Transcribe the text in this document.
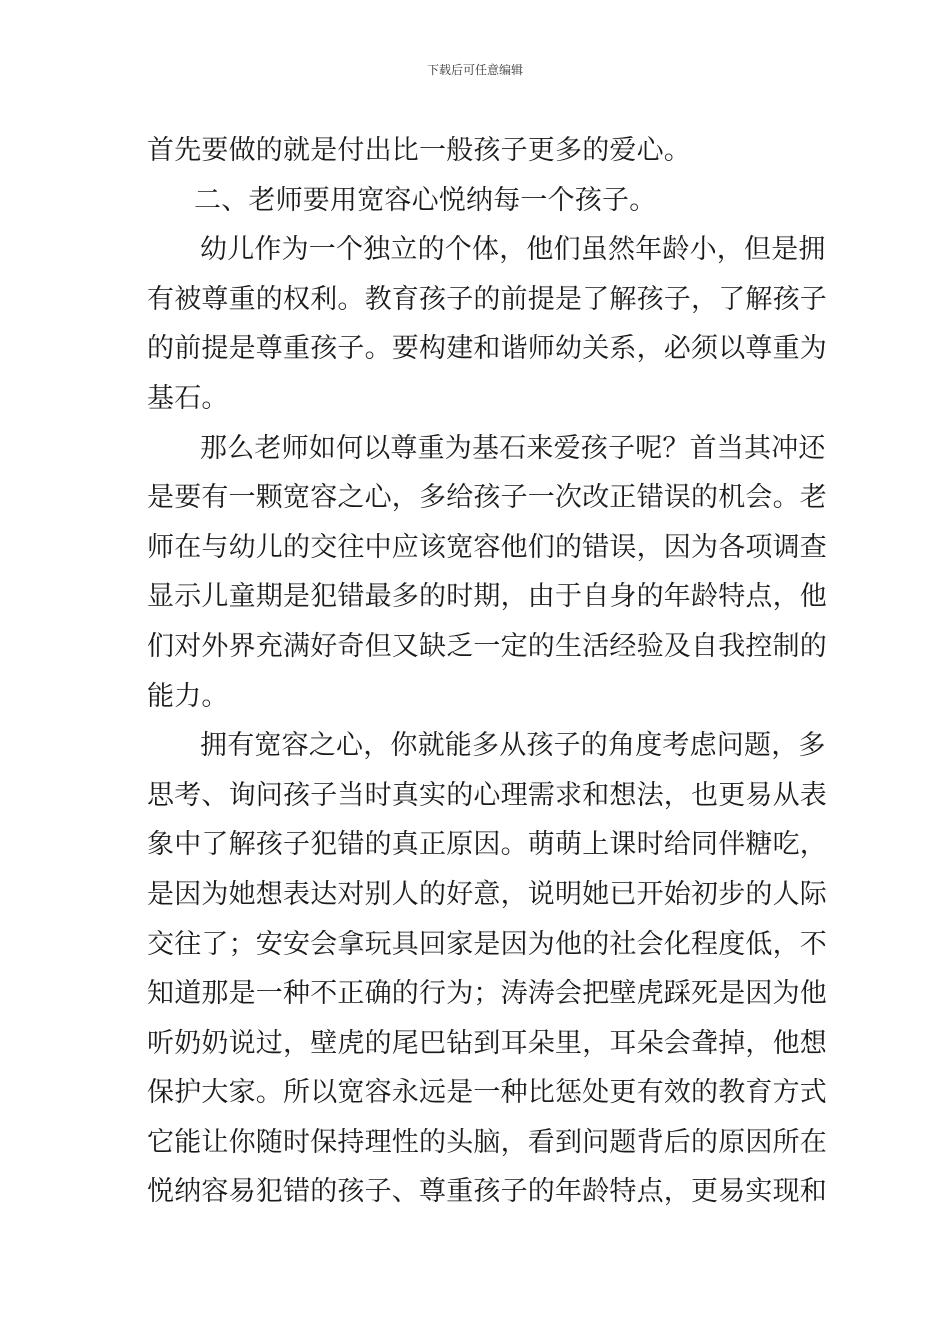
下载后可任意编辑
首先要做的就是付出比一般孩子更多的爱心。
二、老师要用宽容心悦纳每一个孩子。
幼儿作为一个独立的个体，他们虽然年龄小，但是拥
有被尊重的权利。教育孩子的前提是了解孩子，了解孩子
的前提是尊重孩子。要构建和谐师幼关系，必须以尊重为
基石。
那么老师如何以尊重为基石来爱孩子呢？首当其冲还
是要有一颗宽容之心，多给孩子一次改正错误的机会。老
师在与幼儿的交往中应该宽容他们的错误，因为各项调查
显示儿童期是犯错最多的时期，由于自身的年龄特点，他
们对外界充满好奇但又缺乏一定的生活经验及自我控制的
能力。
拥有宽容之心，你就能多从孩子的角度考虑问题，多
思考、询问孩子当时真实的心理需求和想法，也更易从表
象中了解孩子犯错的真正原因。萌萌上课时给同伴糖吃，
是因为她想表达对别人的好意，说明她已开始初步的人际
交往了；安安会拿玩具回家是因为他的社会化程度低，不
知道那是一种不正确的行为；涛涛会把壁虎踩死是因为他
听奶奶说过，壁虎的尾巴钻到耳朵里，耳朵会聋掉，他想
保护大家。所以宽容永远是一种比惩处更有效的教育方式
它能让你随时保持理性的头脑，看到问题背后的原因所在
悦纳容易犯错的孩子、尊重孩子的年龄特点，更易实现和
